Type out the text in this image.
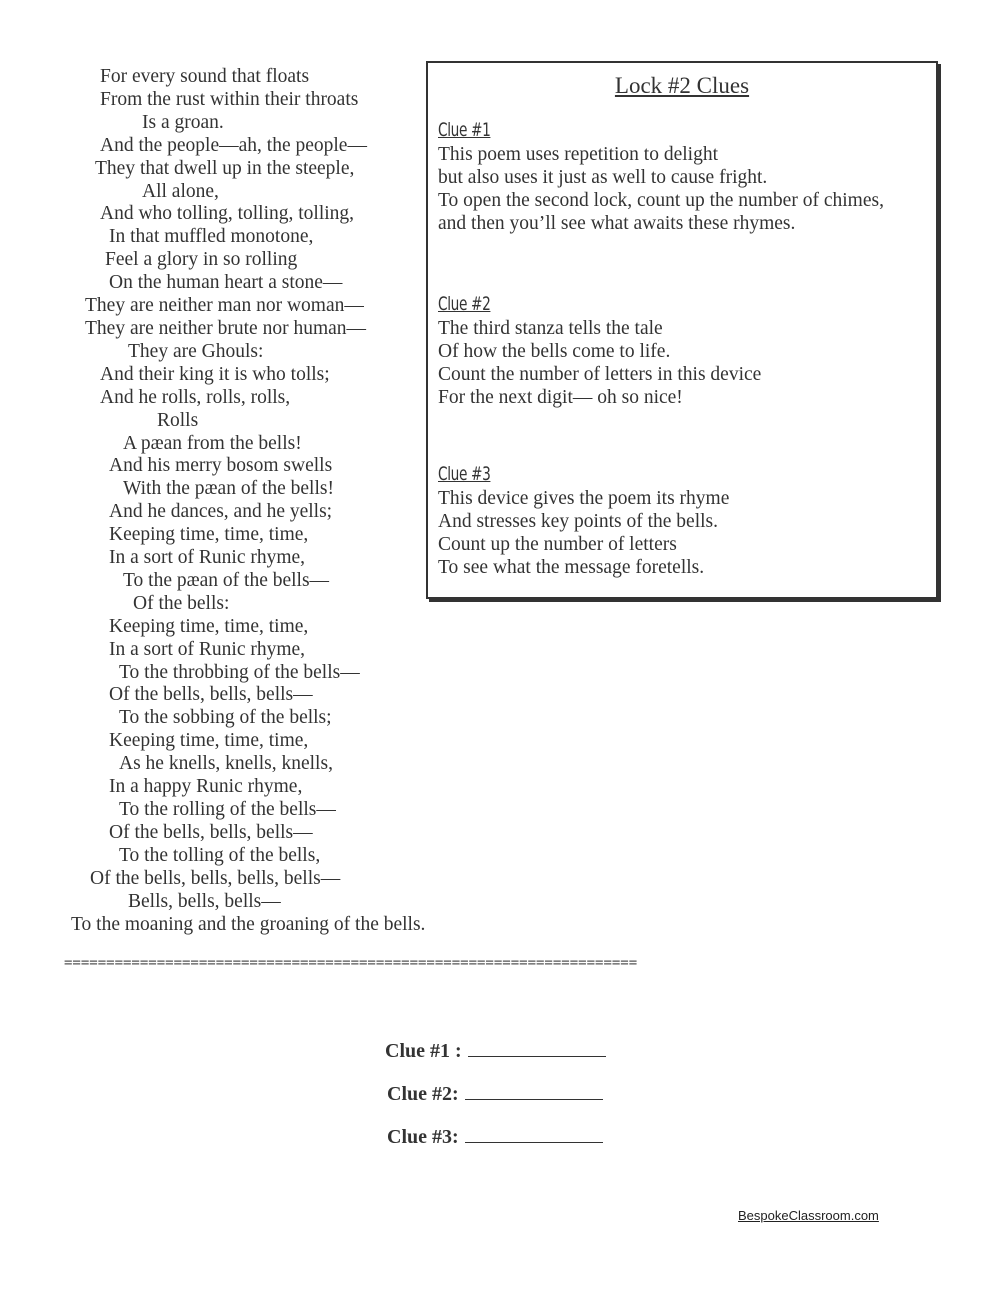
For every sound that floats
From the rust within their throats
Is a groan.
And the people—ah, the people—
They that dwell up in the steeple,
All alone,
And who tolling, tolling, tolling,
In that muffled monotone,
Feel a glory in so rolling
On the human heart a stone—
They are neither man nor woman—
They are neither brute nor human—
They are Ghouls:
And their king it is who tolls;
And he rolls, rolls, rolls,
Rolls
A pæan from the bells!
And his merry bosom swells
With the pæan of the bells!
And he dances, and he yells;
Keeping time, time, time,
In a sort of Runic rhyme,
To the pæan of the bells—
Of the bells:
Keeping time, time, time,
In a sort of Runic rhyme,
To the throbbing of the bells—
Of the bells, bells, bells—
To the sobbing of the bells;
Keeping time, time, time,
As he knells, knells, knells,
In a happy Runic rhyme,
To the rolling of the bells—
Of the bells, bells, bells—
To the tolling of the bells,
Of the bells, bells, bells, bells—
Bells, bells, bells—
To the moaning and the groaning of the bells.
Lock #2 Clues
Clue #1
This poem uses repetition to delight
but also uses it just as well to cause fright.
To open the second lock, count up the number of chimes,
and then you’ll see what awaits these rhymes.
Clue #2
The third stanza tells the tale
Of how the bells come to life.
Count the number of letters in this device
For the next digit— oh so nice!
Clue #3
This device gives the poem its rhyme
And stresses key points of the bells.
Count up the number of letters
To see what the message foretells.
====================================================================
Clue #1 :
Clue #2:
Clue #3:
BespokeClassroom.com
